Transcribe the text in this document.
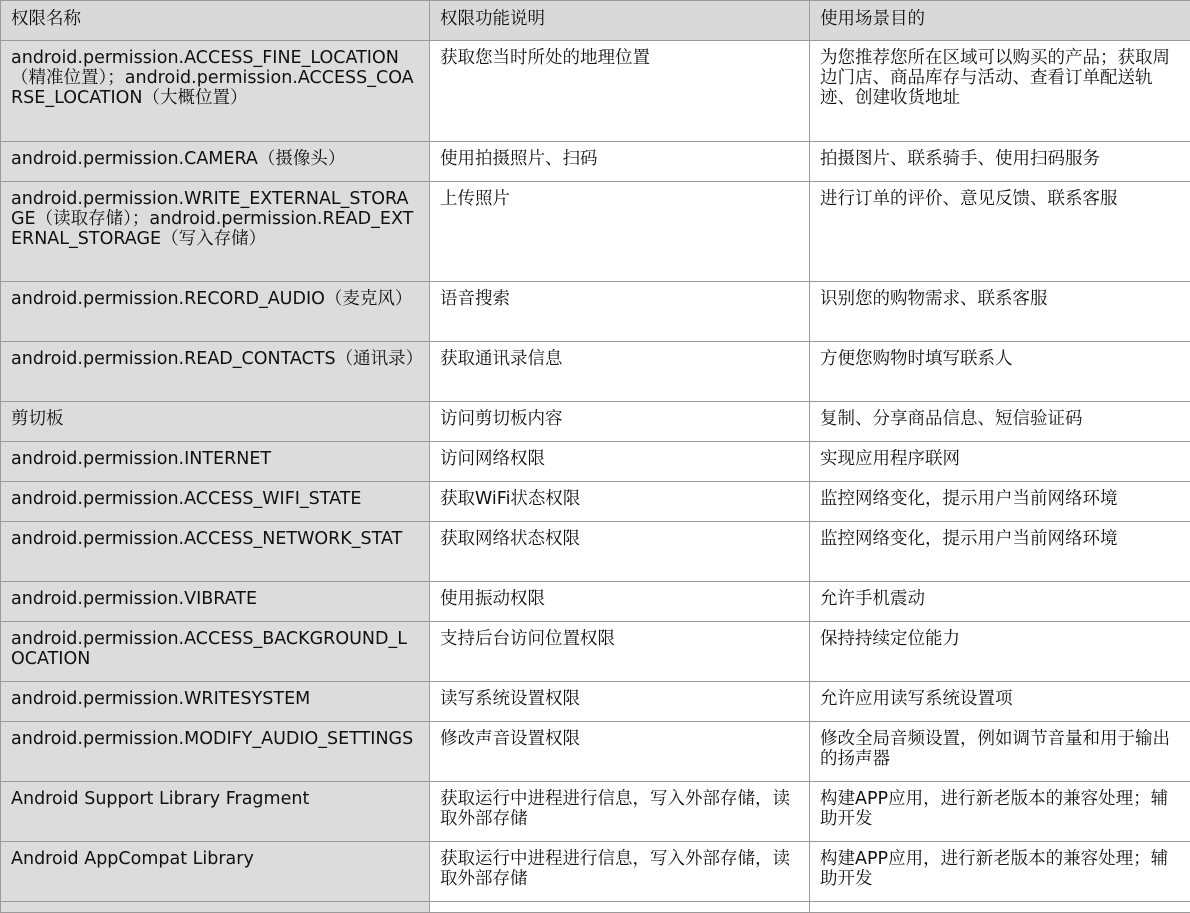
权限名称	权限功能说明	使用场景目的
android.permission.ACCESS_FINE_LOCATION（精准位置）；android.permission.ACCESS_COARSE_LOCATION（大概位置）	获取您当时所处的地理位置	为您推荐您所在区域可以购买的产品；获取周边门店、商品库存与活动、查看订单配送轨迹、创建收货地址
android.permission.CAMERA（摄像头）	使用拍摄照片、扫码	拍摄图片、联系骑手、使用扫码服务
android.permission.WRITE_EXTERNAL_STORAGE（读取存储）；android.permission.READ_EXTERNAL_STORAGE（写入存储）	上传照片	进行订单的评价、意见反馈、联系客服
android.permission.RECORD_AUDIO（麦克风）	语音搜索	识别您的购物需求、联系客服
android.permission.READ_CONTACTS（通讯录）	获取通讯录信息	方便您购物时填写联系人
剪切板	访问剪切板内容	复制、分享商品信息、短信验证码
android.permission.INTERNET	访问网络权限	实现应用程序联网
android.permission.ACCESS_WIFI_STATE	获取WiFi状态权限	监控网络变化，提示用户当前网络环境
android.permission.ACCESS_NETWORK_STAT	获取网络状态权限	监控网络变化，提示用户当前网络环境
android.permission.VIBRATE	使用振动权限	允许手机震动
android.permission.ACCESS_BACKGROUND_LOCATION	支持后台访问位置权限	保持持续定位能力
android.permission.WRITESYSTEM	读写系统设置权限	允许应用读写系统设置项
android.permission.MODIFY_AUDIO_SETTINGS	修改声音设置权限	修改全局音频设置，例如调节音量和用于输出的扬声器
Android Support Library Fragment	获取运行中进程进行信息，写入外部存储，读取外部存储	构建APP应用，进行新老版本的兼容处理；辅助开发
Android AppCompat Library	获取运行中进程进行信息，写入外部存储，读取外部存储	构建APP应用，进行新老版本的兼容处理；辅助开发
